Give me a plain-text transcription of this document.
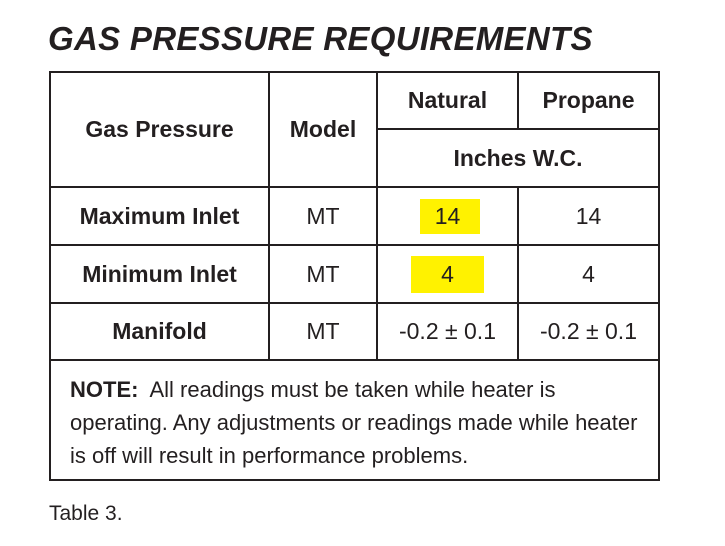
GAS PRESSURE REQUIREMENTS
Gas Pressure	Model
Natural	Propane
Inches W.C.
Maximum Inlet	MT	14	14
Minimum Inlet	MT	4	4
Manifold	MT	-0.2 ± 0.1	-0.2 ± 0.1
NOTE: All readings must be taken while heater is operating. Any adjustments or readings made while heater is off will result in performance problems.
Table 3.
